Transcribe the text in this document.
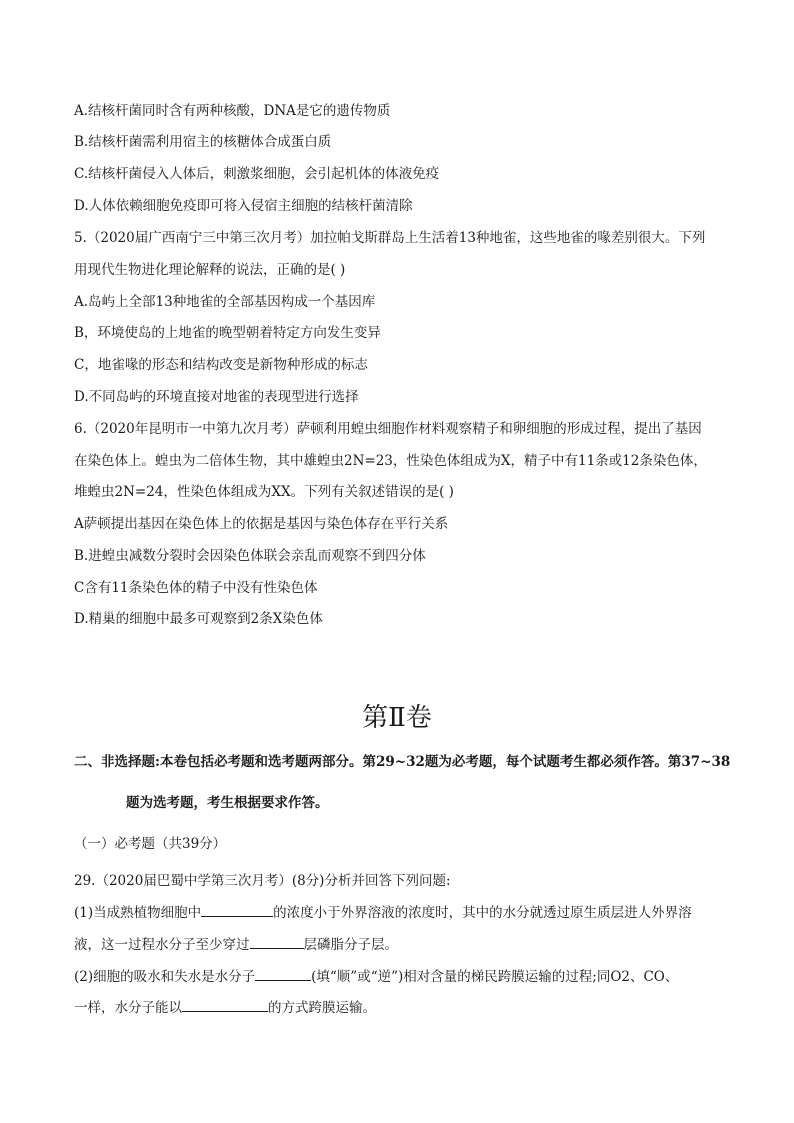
A.结核杆菌同时含有两种核酸，DNA是它的遗传物质
B.结核杆菌需利用宿主的核糖体合成蛋白质
C.结核杆菌侵入人体后，刺激浆细胞，会引起机体的体液免疫
D.人体依赖细胞免疫即可将入侵宿主细胞的结核杆菌清除
5.（2020届广西南宁三中第三次月考）加拉帕戈斯群岛上生活着13种地雀，这些地雀的喙差别很大。下列
用现代生物进化理论解释的说法，正确的是( )
A.岛屿上全部13种地雀的全部基因构成一个基因库
B，环境使岛的上地雀的晚型朝着特定方向发生变异
C，地雀喙的形态和结构改变是新物种形成的标志
D.不同岛屿的环境直接对地雀的表现型进行选择
6.（2020年昆明市一中第九次月考）萨顿利用蝗虫细胞作材料观察精子和卵细胞的形成过程，提出了基因
在染色体上。蝗虫为二倍体生物，其中雄蝗虫2N=23，性染色体组成为X，精子中有11条或12条染色体，
堆蝗虫2N=24，性染色体组成为XX。下列有关叙述错误的是( )
A萨顿提出基因在染色体上的依据是基因与染色体存在平行关系
B.进蝗虫减数分裂时会因染色体联会亲乱而观察不到四分体
C含有11条染色体的精子中没有性染色体
D.精巢的细胞中最多可观察到2条X染色体
第Ⅱ卷
二、非选择题:本卷包括必考题和选考题两部分。第29~32题为必考题，每个试题考生都必须作答。第37~38
题为选考题，考生根据要求作答。
（一）必考题（共39分）
29.（2020届巴蜀中学第三次月考）(8分)分析并回答下列问题:
(1)当成熟植物细胞中	的浓度小于外界溶液的浓度时，其中的水分就透过原生质层进人外界溶
液，这一过程水分子至少穿过	层磷脂分子层。
(2)细胞的吸水和失水是水分子	(填“顺”或“逆”)相对含量的梯民跨膜运输的过程;同O2、CO、
一样，水分子能以	的方式跨膜运输。
